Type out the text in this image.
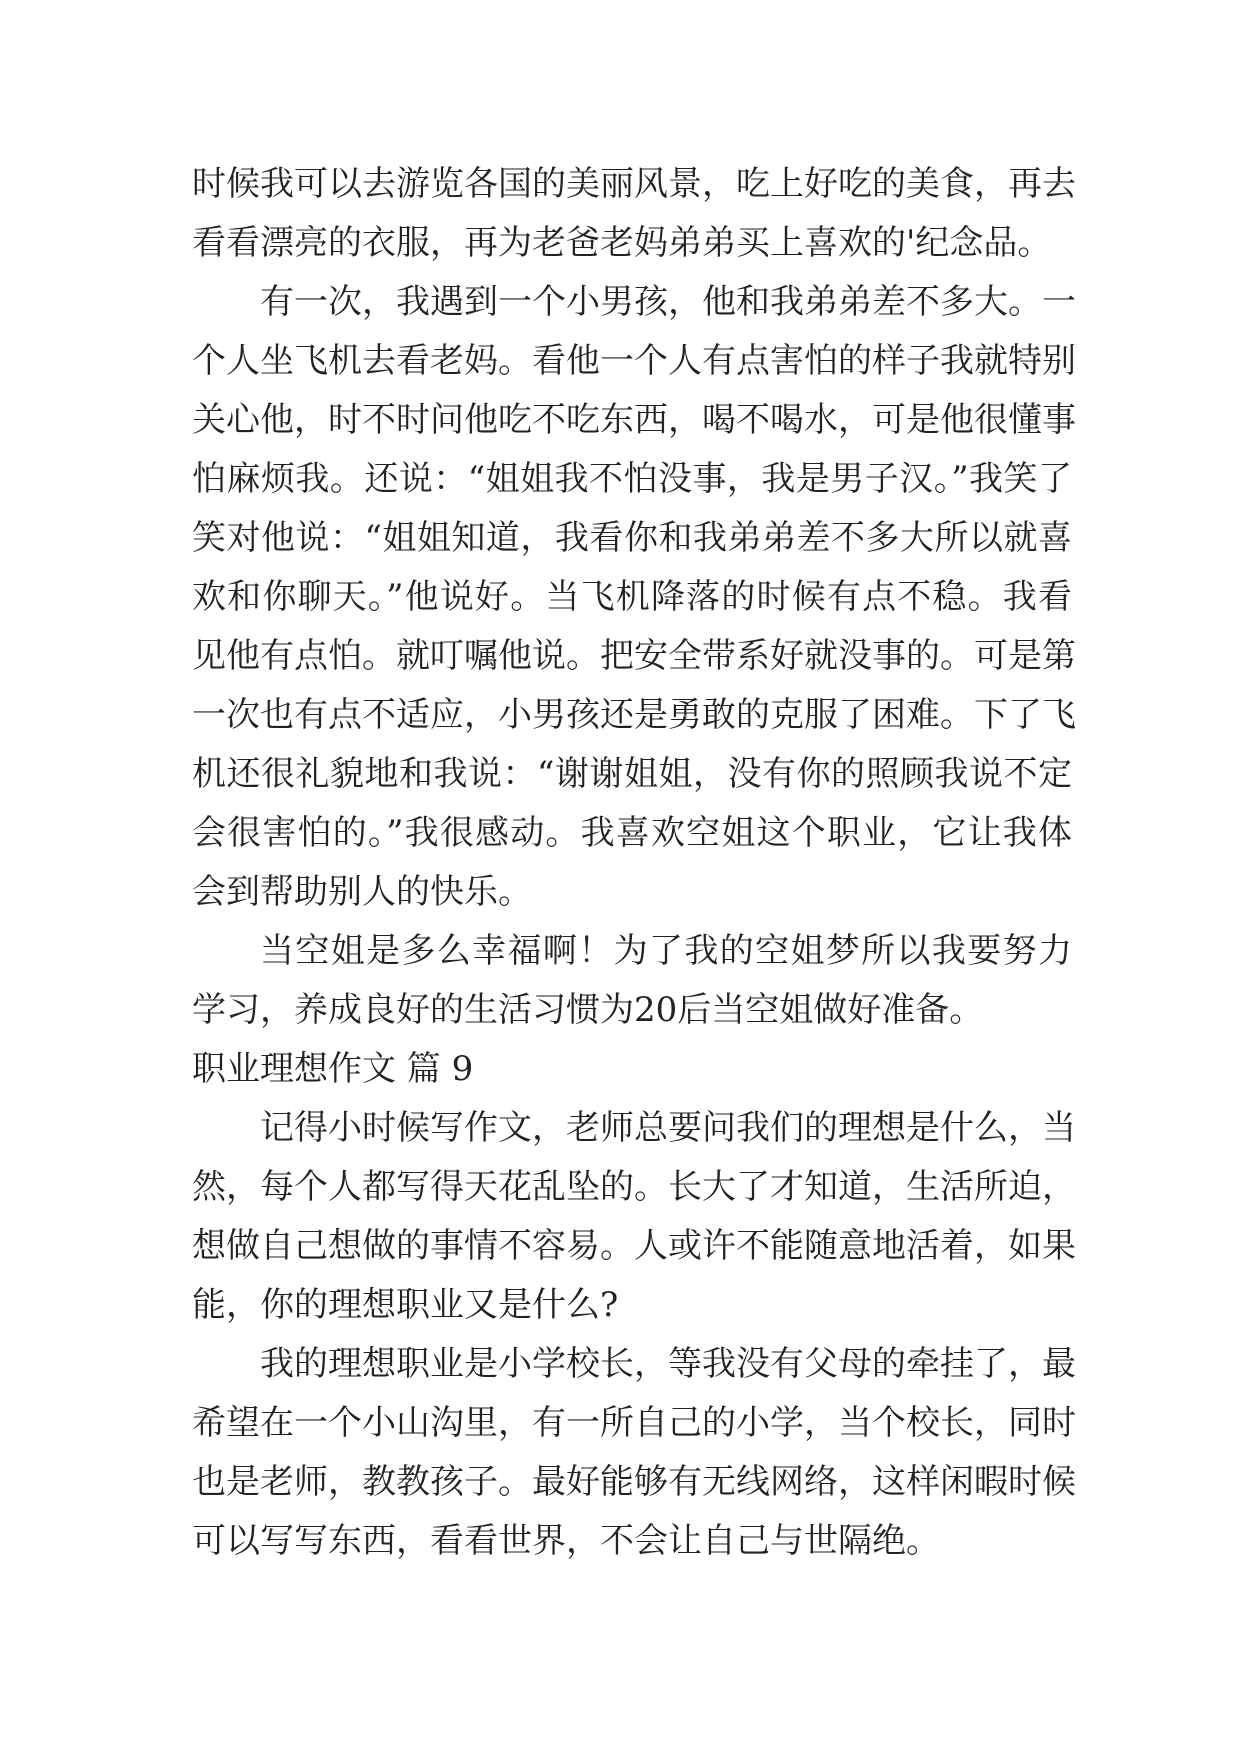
时候我可以去游览各国的美丽风景，吃上好吃的美食，再去
看看漂亮的衣服，再为老爸老妈弟弟买上喜欢的'纪念品。
有一次，我遇到一个小男孩，他和我弟弟差不多大。一
个人坐飞机去看老妈。看他一个人有点害怕的样子我就特别
关心他，时不时问他吃不吃东西，喝不喝水，可是他很懂事
怕麻烦我。还说：“姐姐我不怕没事，我是男子汉。”我笑了
笑对他说：“姐姐知道，我看你和我弟弟差不多大所以就喜
欢和你聊天。”他说好。当飞机降落的时候有点不稳。我看
见他有点怕。就叮嘱他说。把安全带系好就没事的。可是第
一次也有点不适应，小男孩还是勇敢的克服了困难。下了飞
机还很礼貌地和我说：“谢谢姐姐，没有你的照顾我说不定
会很害怕的。”我很感动。我喜欢空姐这个职业，它让我体
会到帮助别人的快乐。
当空姐是多么幸福啊！为了我的空姐梦所以我要努力
学习，养成良好的生活习惯为20后当空姐做好准备。
职业理想作文 篇 9
记得小时候写作文，老师总要问我们的理想是什么，当
然，每个人都写得天花乱坠的。长大了才知道，生活所迫，
想做自己想做的事情不容易。人或许不能随意地活着，如果
能，你的理想职业又是什么?
我的理想职业是小学校长，等我没有父母的牵挂了，最
希望在一个小山沟里，有一所自己的小学，当个校长，同时
也是老师，教教孩子。最好能够有无线网络，这样闲暇时候
可以写写东西，看看世界，不会让自己与世隔绝。
